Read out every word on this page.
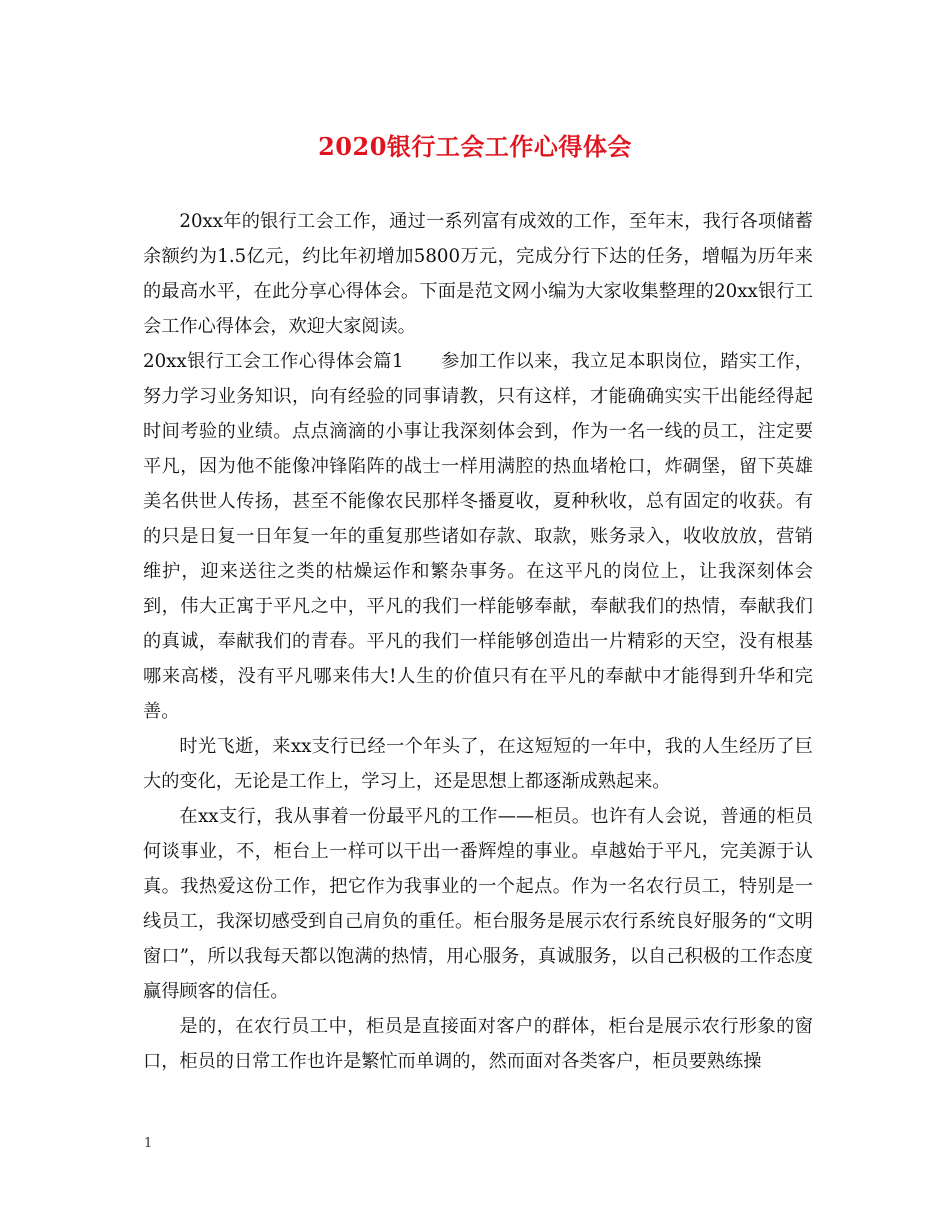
2020银行工会工作心得体会

20xx年的银行工会工作，通过一系列富有成效的工作，至年末，我行各项储蓄余额约为1.5亿元，约比年初增加5800万元，完成分行下达的任务，增幅为历年来的最高水平，在此分享心得体会。下面是范文网小编为大家收集整理的20xx银行工会工作心得体会，欢迎大家阅读。

20xx银行工会工作心得体会篇1　　参加工作以来，我立足本职岗位，踏实工作，努力学习业务知识，向有经验的同事请教，只有这样，才能确确实实干出能经得起时间考验的业绩。点点滴滴的小事让我深刻体会到，作为一名一线的员工，注定要平凡，因为他不能像冲锋陷阵的战士一样用满腔的热血堵枪口，炸碉堡，留下英雄美名供世人传扬，甚至不能像农民那样冬播夏收，夏种秋收，总有固定的收获。有的只是日复一日年复一年的重复那些诸如存款、取款，账务录入，收收放放，营销维护，迎来送往之类的枯燥运作和繁杂事务。在这平凡的岗位上，让我深刻体会到，伟大正寓于平凡之中，平凡的我们一样能够奉献，奉献我们的热情，奉献我们的真诚，奉献我们的青春。平凡的我们一样能够创造出一片精彩的天空，没有根基哪来高楼，没有平凡哪来伟大!人生的价值只有在平凡的奉献中才能得到升华和完善。

时光飞逝，来xx支行已经一个年头了，在这短短的一年中，我的人生经历了巨大的变化，无论是工作上，学习上，还是思想上都逐渐成熟起来。

在xx支行，我从事着一份最平凡的工作——柜员。也许有人会说，普通的柜员何谈事业，不，柜台上一样可以干出一番辉煌的事业。卓越始于平凡，完美源于认真。我热爱这份工作，把它作为我事业的一个起点。作为一名农行员工，特别是一线员工，我深切感受到自己肩负的重任。柜台服务是展示农行系统良好服务的“文明窗口”，所以我每天都以饱满的热情，用心服务，真诚服务，以自己积极的工作态度赢得顾客的信任。

是的，在农行员工中，柜员是直接面对客户的群体，柜台是展示农行形象的窗口，柜员的日常工作也许是繁忙而单调的，然而面对各类客户，柜员要熟练操

1
